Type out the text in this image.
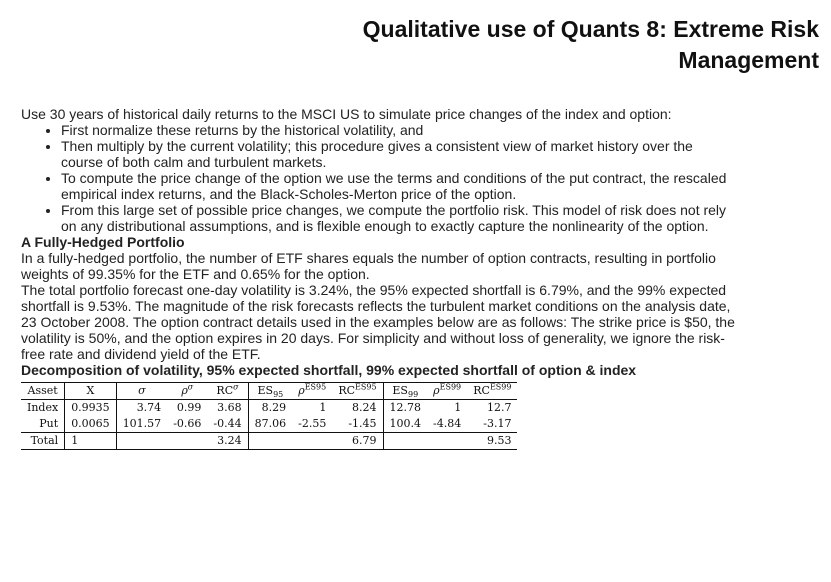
Qualitative use of Quants 8: Extreme Risk Management

Use 30 years of historical daily returns to the MSCI US to simulate price changes of the index and option:

• First normalize these returns by the historical volatility, and
• Then multiply by the current volatility; this procedure gives a consistent view of market history over the course of both calm and turbulent markets.
• To compute the price change of the option we use the terms and conditions of the put contract, the rescaled empirical index returns, and the Black-Scholes-Merton price of the option.
• From this large set of possible price changes, we compute the portfolio risk. This model of risk does not rely on any distributional assumptions, and is flexible enough to exactly capture the nonlinearity of the option.

A Fully-Hedged Portfolio

In a fully-hedged portfolio, the number of ETF shares equals the number of option contracts, resulting in portfolio weights of 99.35% for the ETF and 0.65% for the option.

The total portfolio forecast one-day volatility is 3.24%, the 95% expected shortfall is 6.79%, and the 99% expected shortfall is 9.53%. The magnitude of the risk forecasts reflects the turbulent market conditions on the analysis date, 23 October 2008. The option contract details used in the examples below are as follows: The strike price is $50, the volatility is 50%, and the option expires in 20 days. For simplicity and without loss of generality, we ignore the risk-free rate and dividend yield of the ETF.

Decomposition of volatility, 95% expected shortfall, 99% expected shortfall of option & index

Asset	X	σ	$\rho^\sigma$	$RC^\sigma$	$ES_{95}$	$\rho^{ES95}$	$RC^{ES95}$	$ES_{99}$	$\rho^{ES99}$	$RC^{ES99}$
Index	0.9935	3.74	0.99	3.68	8.29	1	8.24	12.78	1	12.7
Put	0.0065	101.57	-0.66	-0.44	87.06	-2.55	-1.45	100.4	-4.84	-3.17
Total	1			3.24			6.79			9.53
